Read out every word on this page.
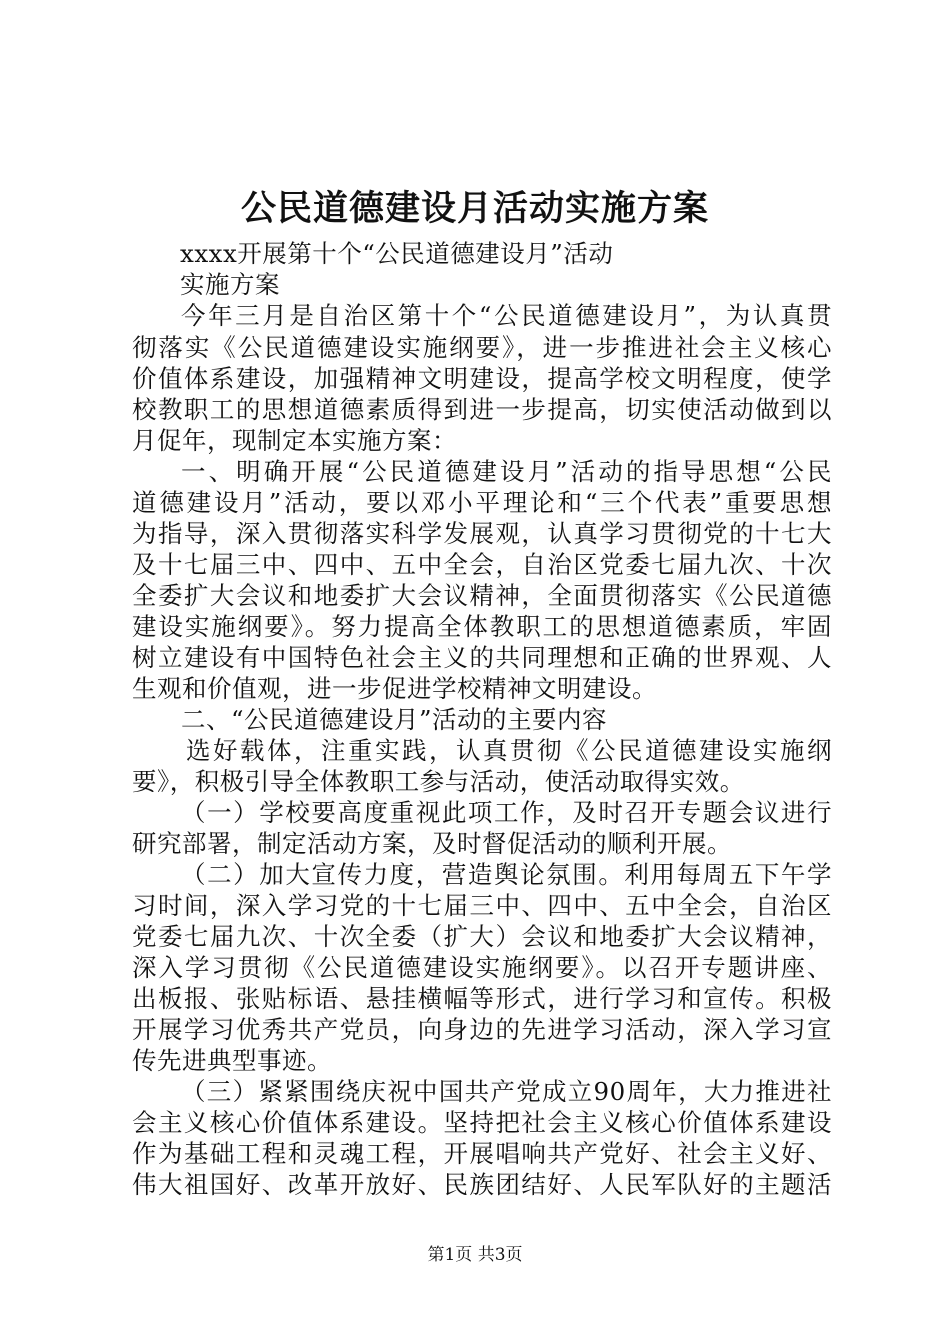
公民道德建设月活动实施方案
xxxx开展第十个“公民道德建设月”活动
实施方案
今年三月是自治区第十个“公民道德建设月”，为认真贯
彻落实《公民道德建设实施纲要》，进一步推进社会主义核心
价值体系建设，加强精神文明建设，提高学校文明程度，使学
校教职工的思想道德素质得到进一步提高，切实使活动做到以
月促年，现制定本实施方案：
一、明确开展“公民道德建设月”活动的指导思想“公民
道德建设月”活动，要以邓小平理论和“三个代表”重要思想
为指导，深入贯彻落实科学发展观，认真学习贯彻党的十七大
及十七届三中、四中、五中全会，自治区党委七届九次、十次
全委扩大会议和地委扩大会议精神，全面贯彻落实《公民道德
建设实施纲要》。努力提高全体教职工的思想道德素质，牢固
树立建设有中国特色社会主义的共同理想和正确的世界观、人
生观和价值观，进一步促进学校精神文明建设。
二、“公民道德建设月”活动的主要内容
选好载体，注重实践，认真贯彻《公民道德建设实施纲
要》，积极引导全体教职工参与活动，使活动取得实效。
（一）学校要高度重视此项工作，及时召开专题会议进行
研究部署，制定活动方案，及时督促活动的顺利开展。
（二）加大宣传力度，营造舆论氛围。利用每周五下午学
习时间，深入学习党的十七届三中、四中、五中全会，自治区
党委七届九次、十次全委（扩大）会议和地委扩大会议精神，
深入学习贯彻《公民道德建设实施纲要》。以召开专题讲座、
出板报、张贴标语、悬挂横幅等形式，进行学习和宣传。积极
开展学习优秀共产党员，向身边的先进学习活动，深入学习宣
传先进典型事迹。
（三）紧紧围绕庆祝中国共产党成立90周年，大力推进社
会主义核心价值体系建设。坚持把社会主义核心价值体系建设
作为基础工程和灵魂工程，开展唱响共产党好、社会主义好、
伟大祖国好、改革开放好、民族团结好、人民军队好的主题活
第1页 共3页
